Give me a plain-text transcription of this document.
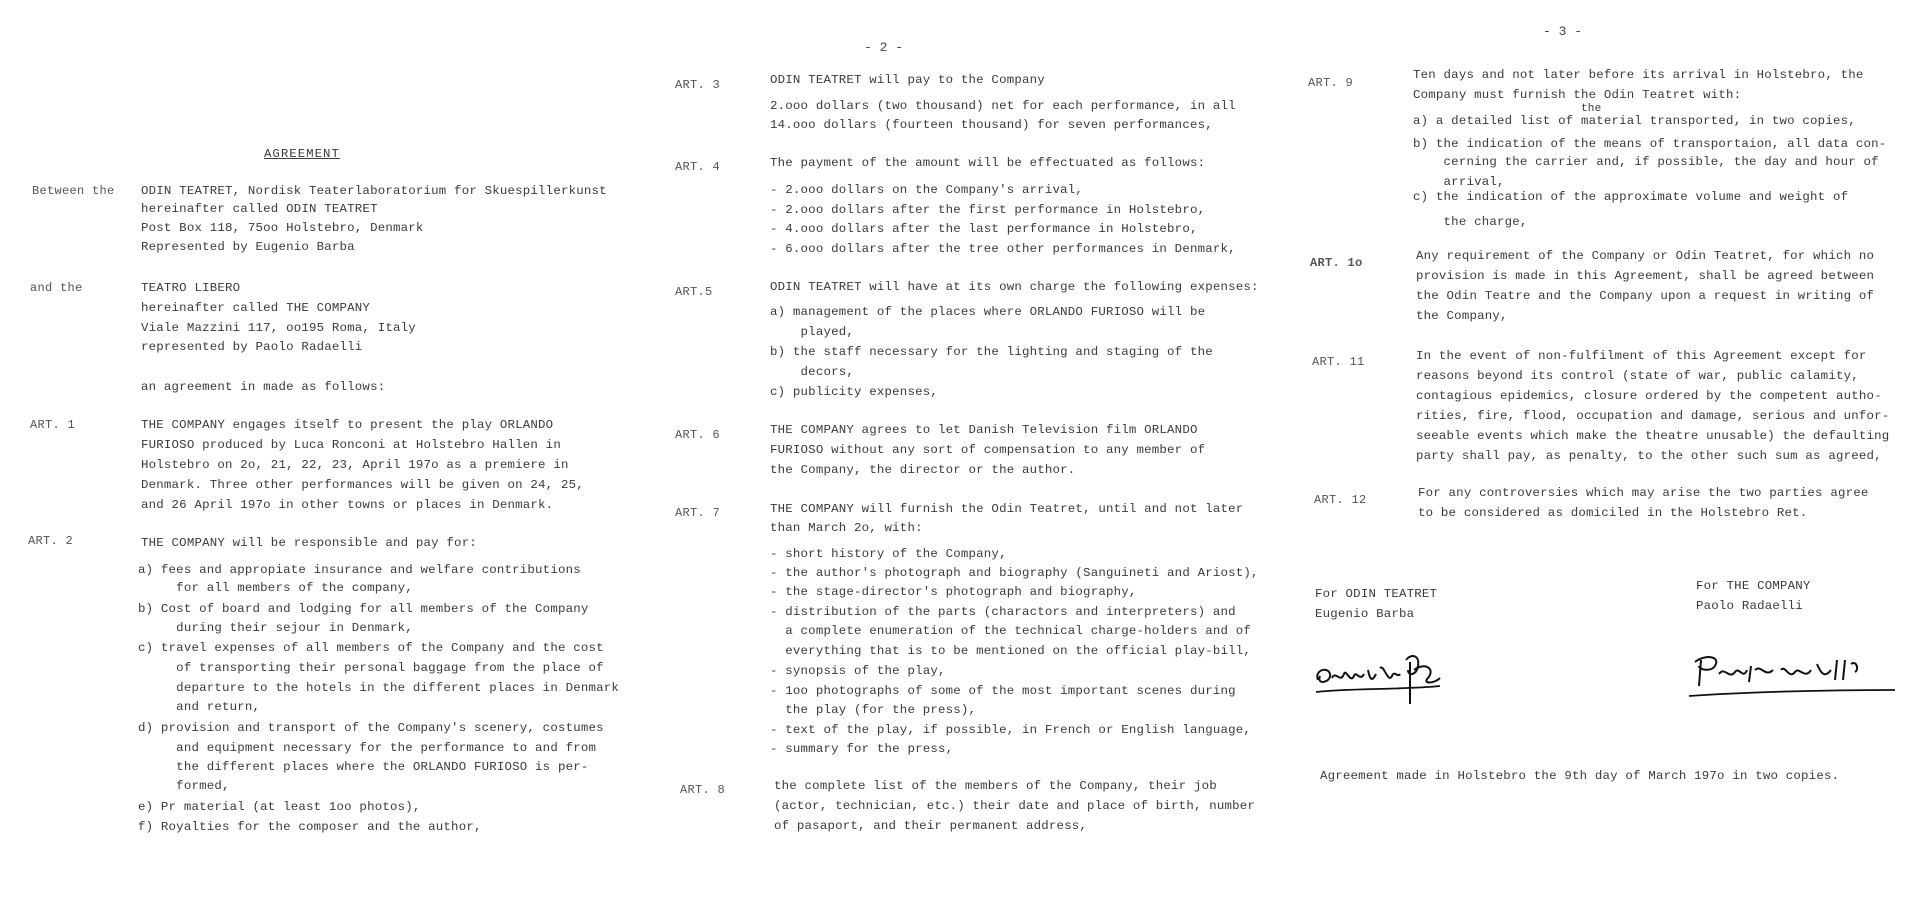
AGREEMENT
Between the ODIN TEATRET, Nordisk Teaterlaboratorium for Skuespillerkunst
hereinafter called ODIN TEATRET
Post Box 118, 75oo Holstebro, Denmark
Represented by Eugenio Barba
and the	TEATRO LIBERO
hereinafter called THE COMPANY
Viale Mazzini 117, oo195 Roma, Italy
represented by Paolo Radaelli
an agreement in made as follows:
ART. 1	THE COMPANY engages itself to present the play ORLANDO
FURIOSO produced by Luca Ronconi at Holstebro Hallen in
Holstebro on 2o, 21, 22, 23, April 197o as a premiere in
Denmark. Three other performances will be given on 24, 25,
and 26 April 197o in other towns or places in Denmark.
ART. 2	THE COMPANY will be responsible and pay for:
a) fees and appropiate insurance and welfare contributions
for all members of the company,
b) Cost of board and lodging for all members of the Company
during their sejour in Denmark,
c) travel expenses of all members of the Company and the cost
of transporting their personal baggage from the place of
departure to the hotels in the different places in Denmark
and return,
d) provision and transport of the Company's scenery, costumes
and equipment necessary for the performance to and from
the different places where the ORLANDO FURIOSO is per-
formed,
e) Pr material (at least 1oo photos),
f) Royalties for the composer and the author,
- 2 -
ART. 3	ODIN TEATRET will pay to the Company
2.ooo dollars (two thousand) net for each performance, in all
14.ooo dollars (fourteen thousand) for seven performances,
ART. 4	The payment of the amount will be effectuated as follows:
- 2.ooo dollars on the Company's arrival,
- 2.ooo dollars after the first performance in Holstebro,
- 4.ooo dollars after the last performance in Holstebro,
- 6.ooo dollars after the tree other performances in Denmark,
ART.5	ODIN TEATRET will have at its own charge the following expenses:
a) management of the places where ORLANDO FURIOSO will be
played,
b) the staff necessary for the lighting and staging of the
decors,
c) publicity expenses,
ART. 6	THE COMPANY agrees to let Danish Television film ORLANDO
FURIOSO without any sort of compensation to any member of
the Company, the director or the author.
ART. 7	THE COMPANY will furnish the Odin Teatret, until and not later
than March 2o, with:
- short history of the Company,
- the author's photograph and biography (Sanguineti and Ariost),
- the stage-director's photograph and biography,
- distribution of the parts (charactors and interpreters) and
a complete enumeration of the technical charge-holders and of
everything that is to be mentioned on the official play-bill,
- synopsis of the play,
- 1oo photographs of some of the most important scenes during
the play (for the press),
- text of the play, if possible, in French or English language,
- summary for the press,
ART. 8	the complete list of the members of the Company, their job
(actor, technician, etc.) their date and place of birth, number
of pasaport, and their permanent address,
- 3 -
ART. 9
Ten days and not later before its arrival in Holstebro, the
Company must furnish the Odin Teatret with:
the
a) a detailed list of material transported, in two copies,
b) the indication of the means of transportaion, all data con-
cerning the carrier and, if possible, the day and hour of
arrival,
c) the indication of the approximate volume and weight of
the charge,
ART. 1o	Any requirement of the Company or Odin Teatret, for which no
provision is made in this Agreement, shall be agreed between
the Odin Teatre and the Company upon a request in writing of
the Company,
ART. 11	In the event of non-fulfilment of this Agreement except for
reasons beyond its control (state of war, public calamity,
contagious epidemics, closure ordered by the competent autho-
rities, fire, flood, occupation and damage, serious and unfor-
seeable events which make the theatre unusable) the defaulting
party shall pay, as penalty, to the other such sum as agreed,
ART. 12	For any controversies which may arise the two parties agree
to be considered as domiciled in the Holstebro Ret.
For ODIN TEATRET
Eugenio Barba
For THE COMPANY
Paolo Radaelli
Agreement made in Holstebro the 9th day of March 197o in two copies.
